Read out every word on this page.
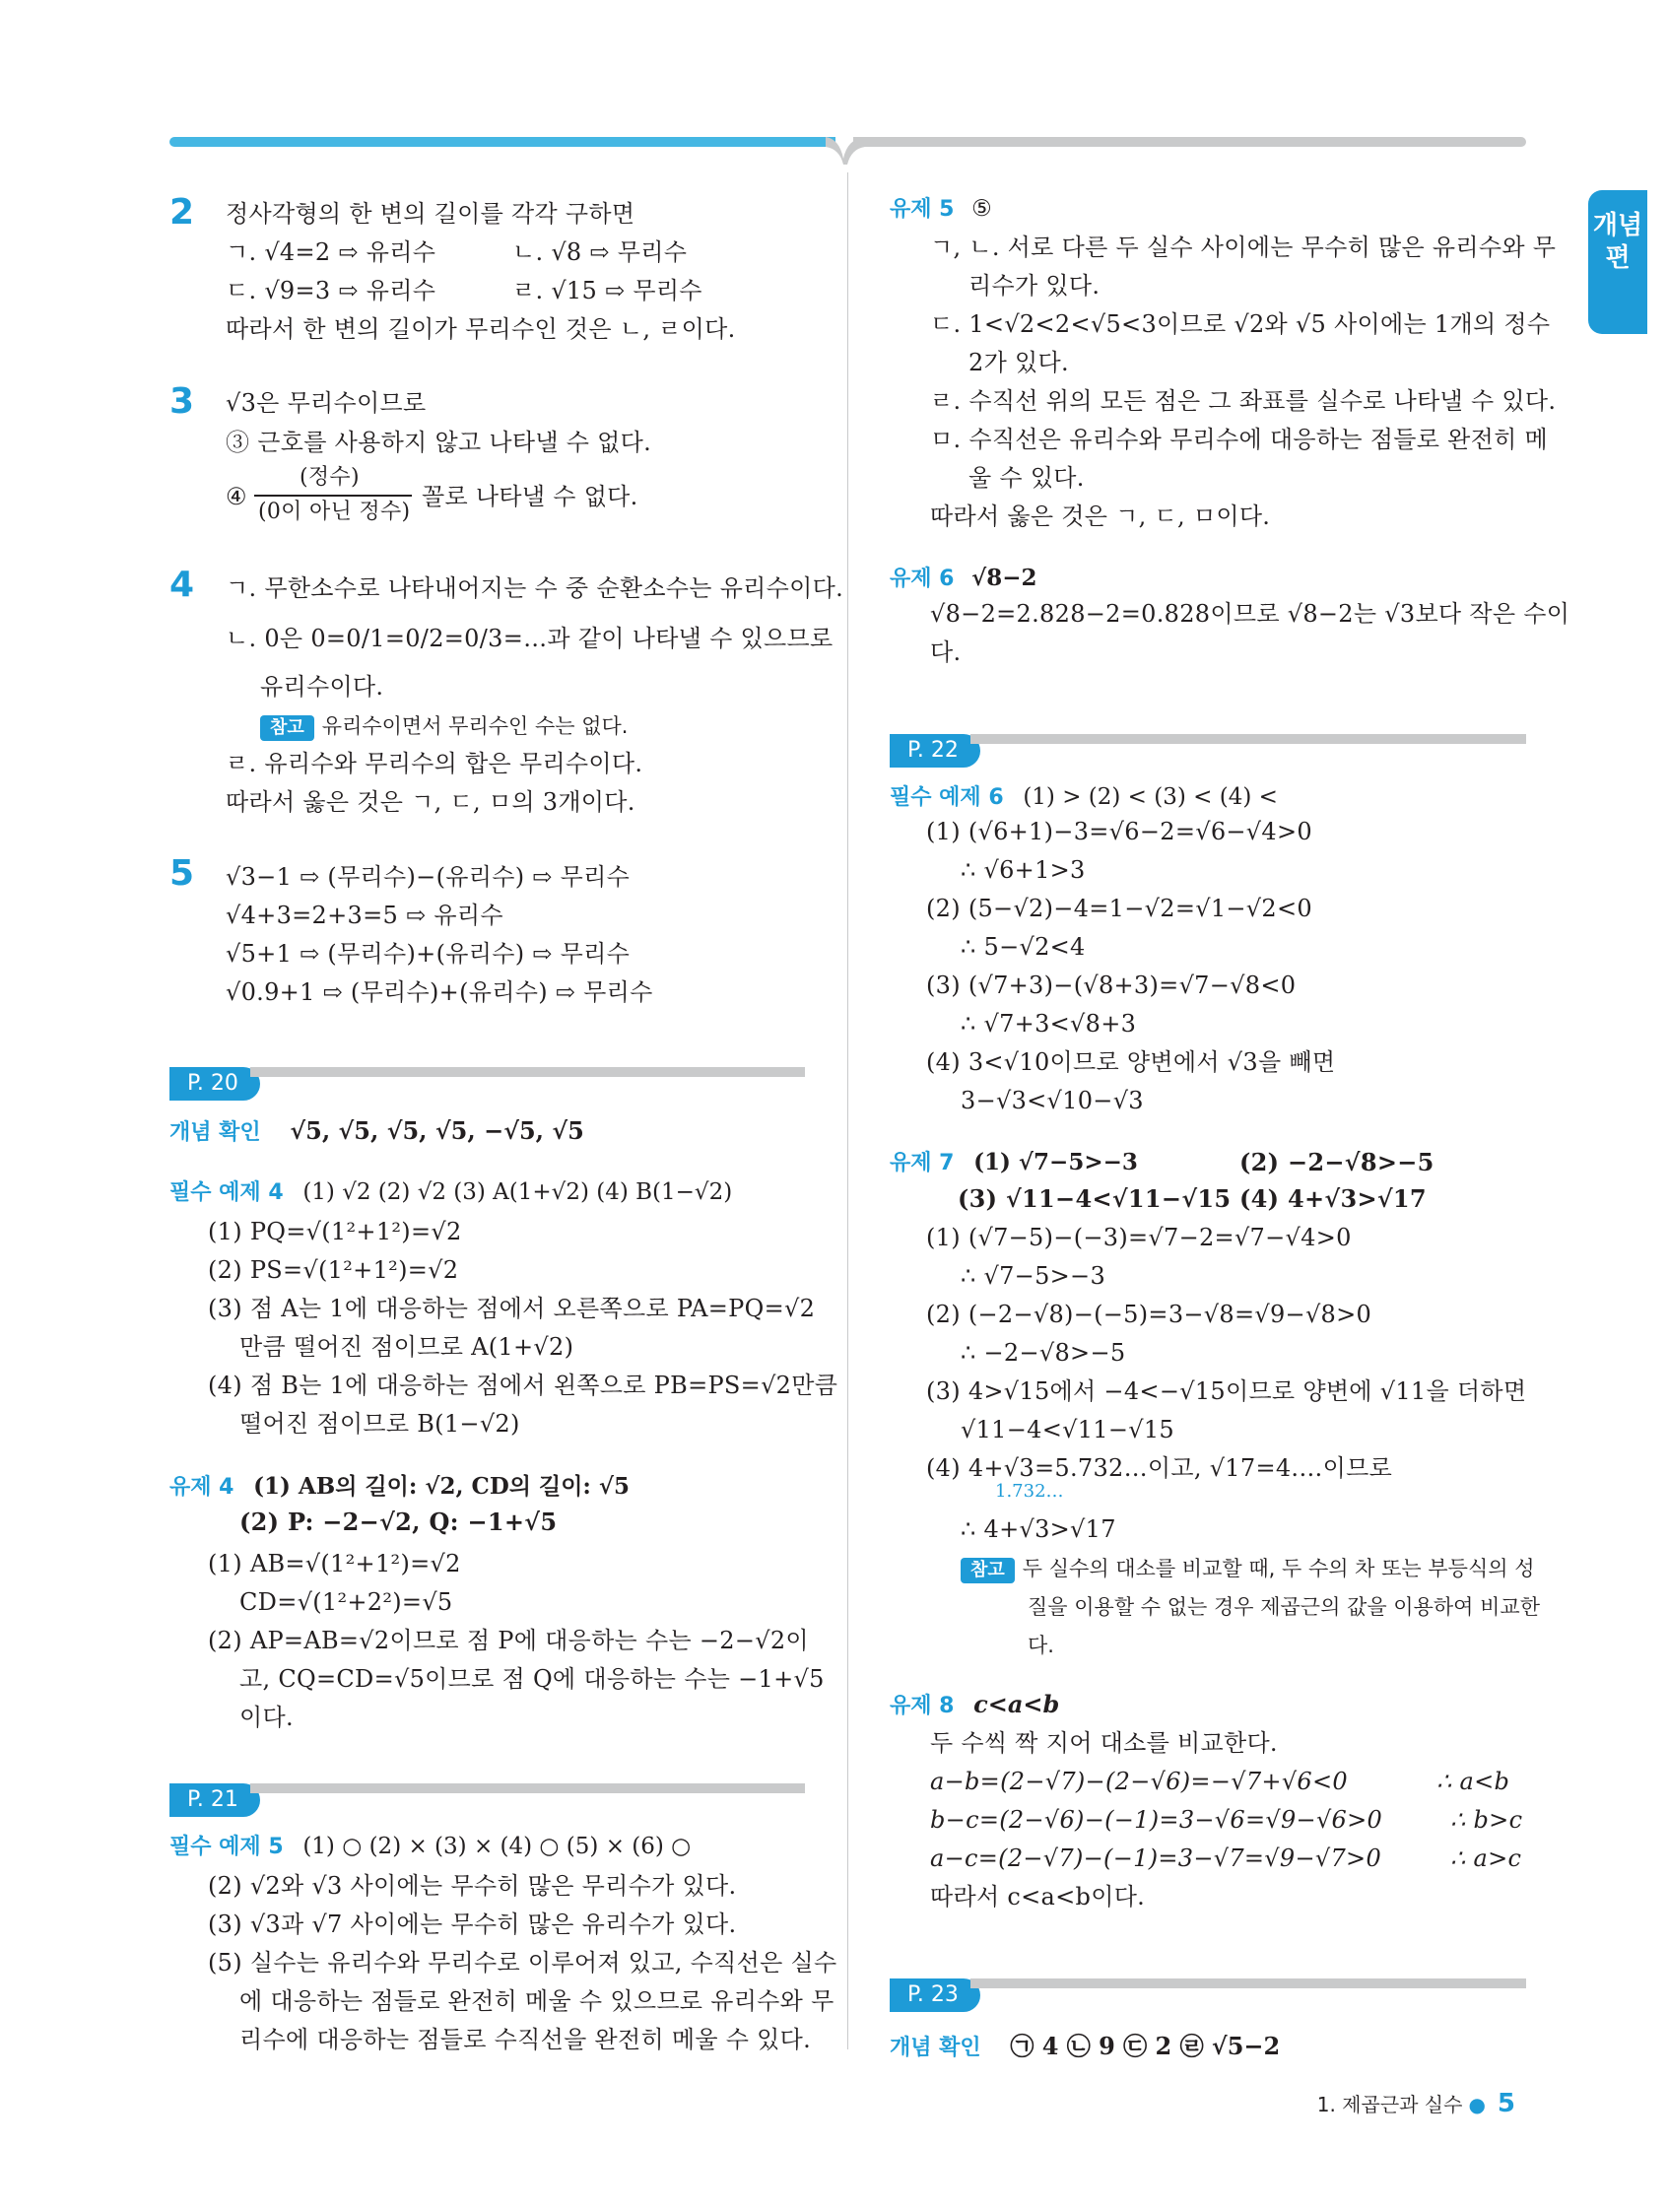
개념편
2 정사각형의 한 변의 길이를 각각 구하면
ㄱ. √4=2 ⇨ 유리수	ㄴ. √8 ⇨ 무리수
ㄷ. √9=3 ⇨ 유리수	ㄹ. √15 ⇨ 무리수
따라서 한 변의 길이가 무리수인 것은 ㄴ, ㄹ이다.
3 √3은 무리수이므로
③ 근호를 사용하지 않고 나타낼 수 없다.
④
(정수)
(0이 아닌 정수)
꼴로 나타낼 수 없다.
4 ㄱ. 무한소수로 나타내어지는 수 중 순환소수는 유리수이다.
ㄴ. 0은 0=0/1=0/2=0/3=…과 같이 나타낼 수 있으므로
유리수이다.
참고 유리수이면서 무리수인 수는 없다.
ㄹ. 유리수와 무리수의 합은 무리수이다.
따라서 옳은 것은 ㄱ, ㄷ, ㅁ의 3개이다.
5 √3−1 ⇨ (무리수)−(유리수) ⇨ 무리수
√4+3=2+3=5 ⇨ 유리수
√5+1 ⇨ (무리수)+(유리수) ⇨ 무리수
√0.9+1 ⇨ (무리수)+(유리수) ⇨ 무리수
P. 20
개념 확인 √5, √5, √5, √5, −√5, √5
필수 예제 4 (1) √2 (2) √2 (3) A(1+√2) (4) B(1−√2)
(1) PQ=√(1²+1²)=√2
(2) PS=√(1²+1²)=√2
(3) 점 A는 1에 대응하는 점에서 오른쪽으로 PA=PQ=√2
만큼 떨어진 점이므로 A(1+√2)
(4) 점 B는 1에 대응하는 점에서 왼쪽으로 PB=PS=√2만큼
떨어진 점이므로 B(1−√2)
유제 4 (1) AB의 길이: √2, CD의 길이: √5
(2) P: −2−√2, Q: −1+√5
(1) AB=√(1²+1²)=√2
CD=√(1²+2²)=√5
(2) AP=AB=√2이므로 점 P에 대응하는 수는 −2−√2이
고, CQ=CD=√5이므로 점 Q에 대응하는 수는 −1+√5
이다.
P. 21
필수 예제 5 (1) ○ (2) × (3) × (4) ○ (5) × (6) ○
(2) √2와 √3 사이에는 무수히 많은 무리수가 있다.
(3) √3과 √7 사이에는 무수히 많은 유리수가 있다.
(5) 실수는 유리수와 무리수로 이루어져 있고, 수직선은 실수
에 대응하는 점들로 완전히 메울 수 있으므로 유리수와 무
리수에 대응하는 점들로 수직선을 완전히 메울 수 있다.
유제 5 ⑤
ㄱ, ㄴ. 서로 다른 두 실수 사이에는 무수히 많은 유리수와 무
리수가 있다.
ㄷ. 1<√2<2<√5<3이므로 √2와 √5 사이에는 1개의 정수
2가 있다.
ㄹ. 수직선 위의 모든 점은 그 좌표를 실수로 나타낼 수 있다.
ㅁ. 수직선은 유리수와 무리수에 대응하는 점들로 완전히 메
울 수 있다.
따라서 옳은 것은 ㄱ, ㄷ, ㅁ이다.
유제 6 √8−2
√8−2=2.828−2=0.828이므로 √8−2는 √3보다 작은 수이
다.
P. 22
필수 예제 6 (1) > (2) < (3) < (4) <
(1) (√6+1)−3=√6−2=√6−√4>0
∴ √6+1>3
(2) (5−√2)−4=1−√2=√1−√2<0
∴ 5−√2<4
(3) (√7+3)−(√8+3)=√7−√8<0
∴ √7+3<√8+3
(4) 3<√10이므로 양변에서 √3을 빼면
3−√3<√10−√3
유제 7 (1) √7−5>−3	(2) −2−√8>−5
(3) √11−4<√11−√15 (4) 4+√3>√17
(1) (√7−5)−(−3)=√7−2=√7−√4>0
∴ √7−5>−3
(2) (−2−√8)−(−5)=3−√8=√9−√8>0
∴ −2−√8>−5
(3) 4>√15에서 −4<−√15이므로 양변에 √11을 더하면
√11−4<√11−√15
(4) 4+√3=5.732…이고, √17=4.…이므로
1.732…
∴ 4+√3>√17
참고 두 실수의 대소를 비교할 때, 두 수의 차 또는 부등식의 성
질을 이용할 수 없는 경우 제곱근의 값을 이용하여 비교한
다.
유제 8 c<a<b
두 수씩 짝 지어 대소를 비교한다.
a−b=(2−√7)−(2−√6)=−√7+√6<0	∴ a<b
b−c=(2−√6)−(−1)=3−√6=√9−√6>0	∴ b>c
a−c=(2−√7)−(−1)=3−√7=√9−√7>0	∴ a>c
따라서 c<a<b이다.
P. 23
개념 확인 ㉠ 4 ㉡ 9 ㉢ 2 ㉣ √5−2
1. 제곱근과 실수 ● 5
